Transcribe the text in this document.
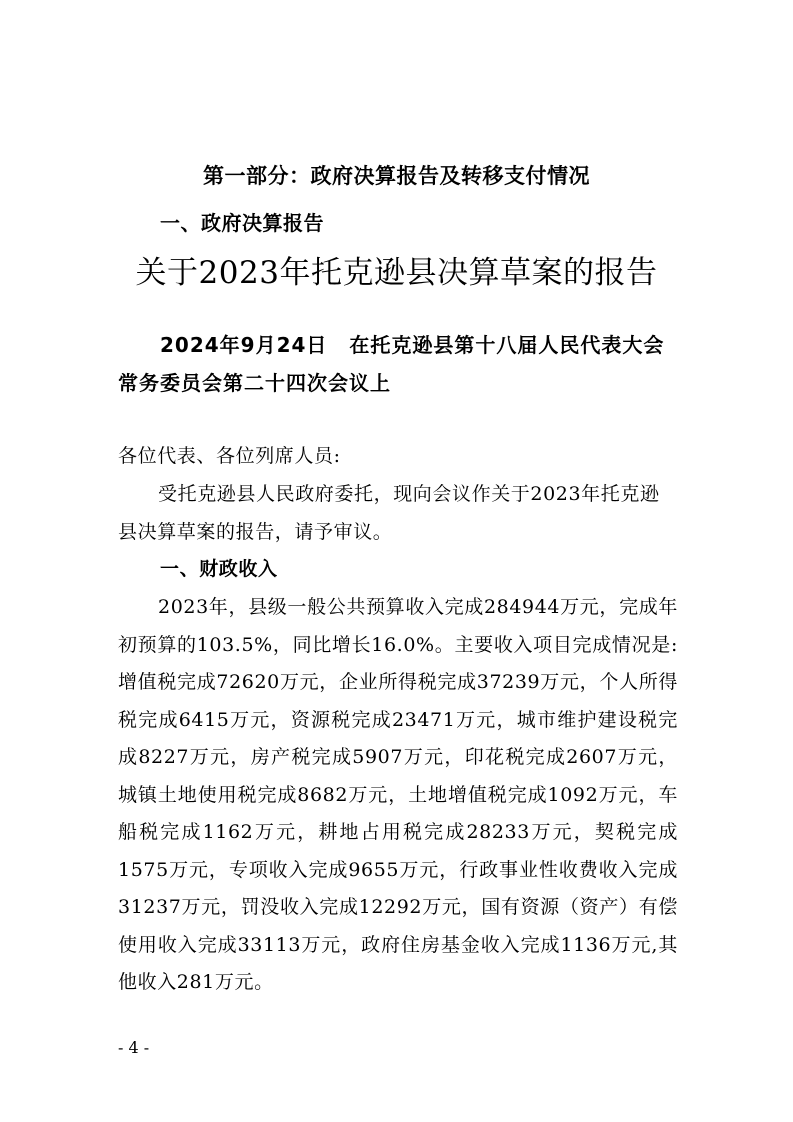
第一部分：政府决算报告及转移支付情况
一、政府决算报告
关于2023年托克逊县决算草案的报告
2024年9月24日 在托克逊县第十八届人民代表大会
常务委员会第二十四次会议上
各位代表、各位列席人员:
受托克逊县人民政府委托，现向会议作关于2023年托克逊县决算草案的报告，请予审议。
一、财政收入
2023年，县级一般公共预算收入完成284944万元，完成年初预算的103.5%，同比增长16.0%。主要收入项目完成情况是: 增值税完成72620万元，企业所得税完成37239万元，个人所得税完成6415万元，资源税完成23471万元，城市维护建设税完成8227万元，房产税完成5907万元，印花税完成2607万元，城镇土地使用税完成8682万元，土地增值税完成1092万元，车船税完成1162万元，耕地占用税完成28233万元，契税完成1575万元，专项收入完成9655万元，行政事业性收费收入完成31237万元，罚没收入完成12292万元，国有资源（资产）有偿使用收入完成33113万元，政府住房基金收入完成1136万元,其他收入281万元。
- 4 -
